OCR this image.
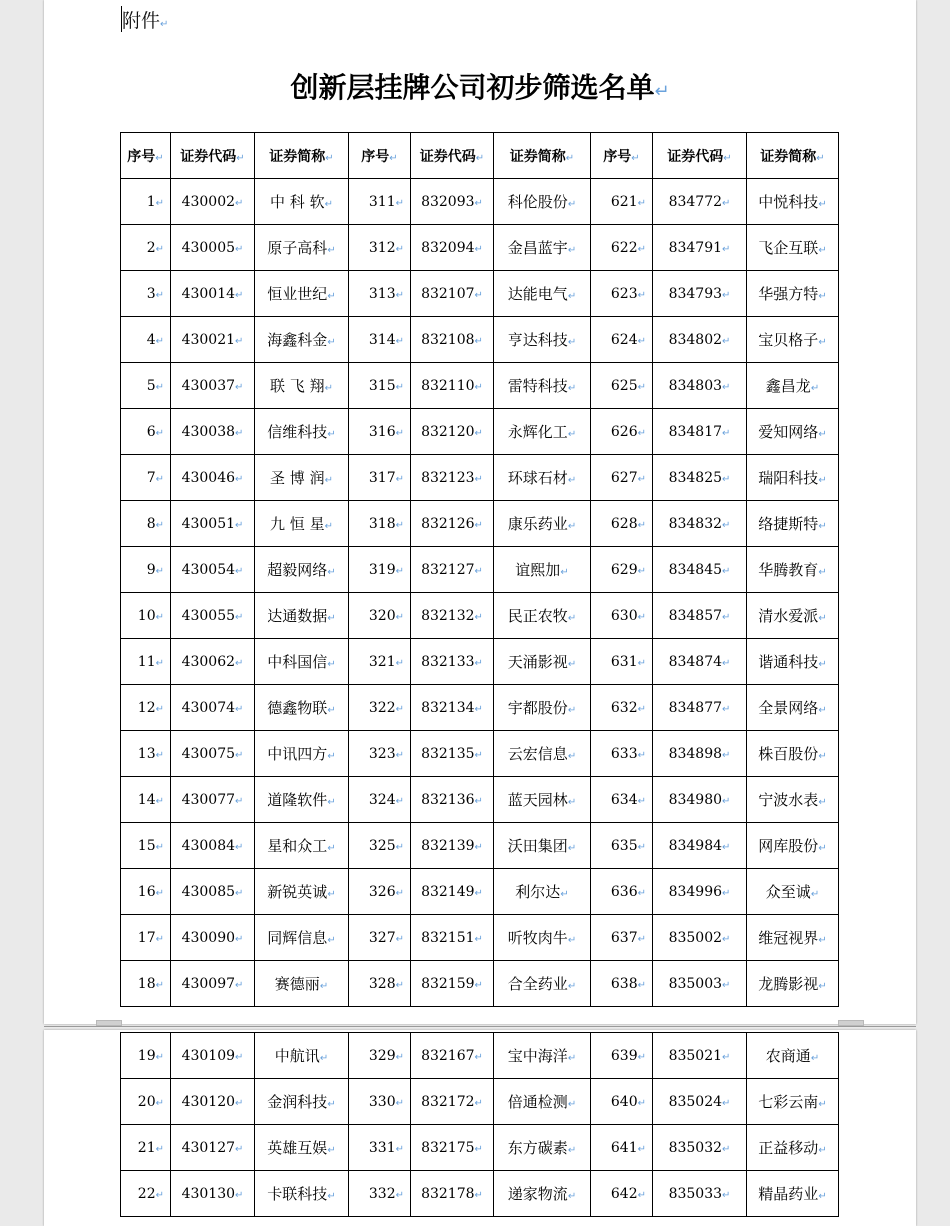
附件↵
创新层挂牌公司初步筛选名单↵
序号↵	证券代码↵	证券简称↵	序号↵	证券代码↵	证券简称↵	序号↵	证券代码↵	证券简称↵
1↵	430002↵	中 科 软↵	311↵	832093↵	科伦股份↵	621↵	834772↵	中悦科技↵
2↵	430005↵	原子高科↵	312↵	832094↵	金昌蓝宇↵	622↵	834791↵	飞企互联↵
3↵	430014↵	恒业世纪↵	313↵	832107↵	达能电气↵	623↵	834793↵	华强方特↵
4↵	430021↵	海鑫科金↵	314↵	832108↵	亨达科技↵	624↵	834802↵	宝贝格子↵
5↵	430037↵	联 飞 翔↵	315↵	832110↵	雷特科技↵	625↵	834803↵	鑫昌龙↵
6↵	430038↵	信维科技↵	316↵	832120↵	永辉化工↵	626↵	834817↵	爱知网络↵
7↵	430046↵	圣 博 润↵	317↵	832123↵	环球石材↵	627↵	834825↵	瑞阳科技↵
8↵	430051↵	九 恒 星↵	318↵	832126↵	康乐药业↵	628↵	834832↵	络捷斯特↵
9↵	430054↵	超毅网络↵	319↵	832127↵	谊熙加↵	629↵	834845↵	华腾教育↵
10↵	430055↵	达通数据↵	320↵	832132↵	民正农牧↵	630↵	834857↵	清水爱派↵
11↵	430062↵	中科国信↵	321↵	832133↵	天涌影视↵	631↵	834874↵	谐通科技↵
12↵	430074↵	德鑫物联↵	322↵	832134↵	宇都股份↵	632↵	834877↵	全景网络↵
13↵	430075↵	中讯四方↵	323↵	832135↵	云宏信息↵	633↵	834898↵	株百股份↵
14↵	430077↵	道隆软件↵	324↵	832136↵	蓝天园林↵	634↵	834980↵	宁波水表↵
15↵	430084↵	星和众工↵	325↵	832139↵	沃田集团↵	635↵	834984↵	网库股份↵
16↵	430085↵	新锐英诚↵	326↵	832149↵	利尔达↵	636↵	834996↵	众至诚↵
17↵	430090↵	同辉信息↵	327↵	832151↵	听牧肉牛↵	637↵	835002↵	维冠视界↵
18↵	430097↵	赛德丽↵	328↵	832159↵	合全药业↵	638↵	835003↵	龙腾影视↵
19↵	430109↵	中航讯↵	329↵	832167↵	宝中海洋↵	639↵	835021↵	农商通↵
20↵	430120↵	金润科技↵	330↵	832172↵	倍通检测↵	640↵	835024↵	七彩云南↵
21↵	430127↵	英雄互娱↵	331↵	832175↵	东方碳素↵	641↵	835032↵	正益移动↵
22↵	430130↵	卡联科技↵	332↵	832178↵	递家物流↵	642↵	835033↵	精晶药业↵
